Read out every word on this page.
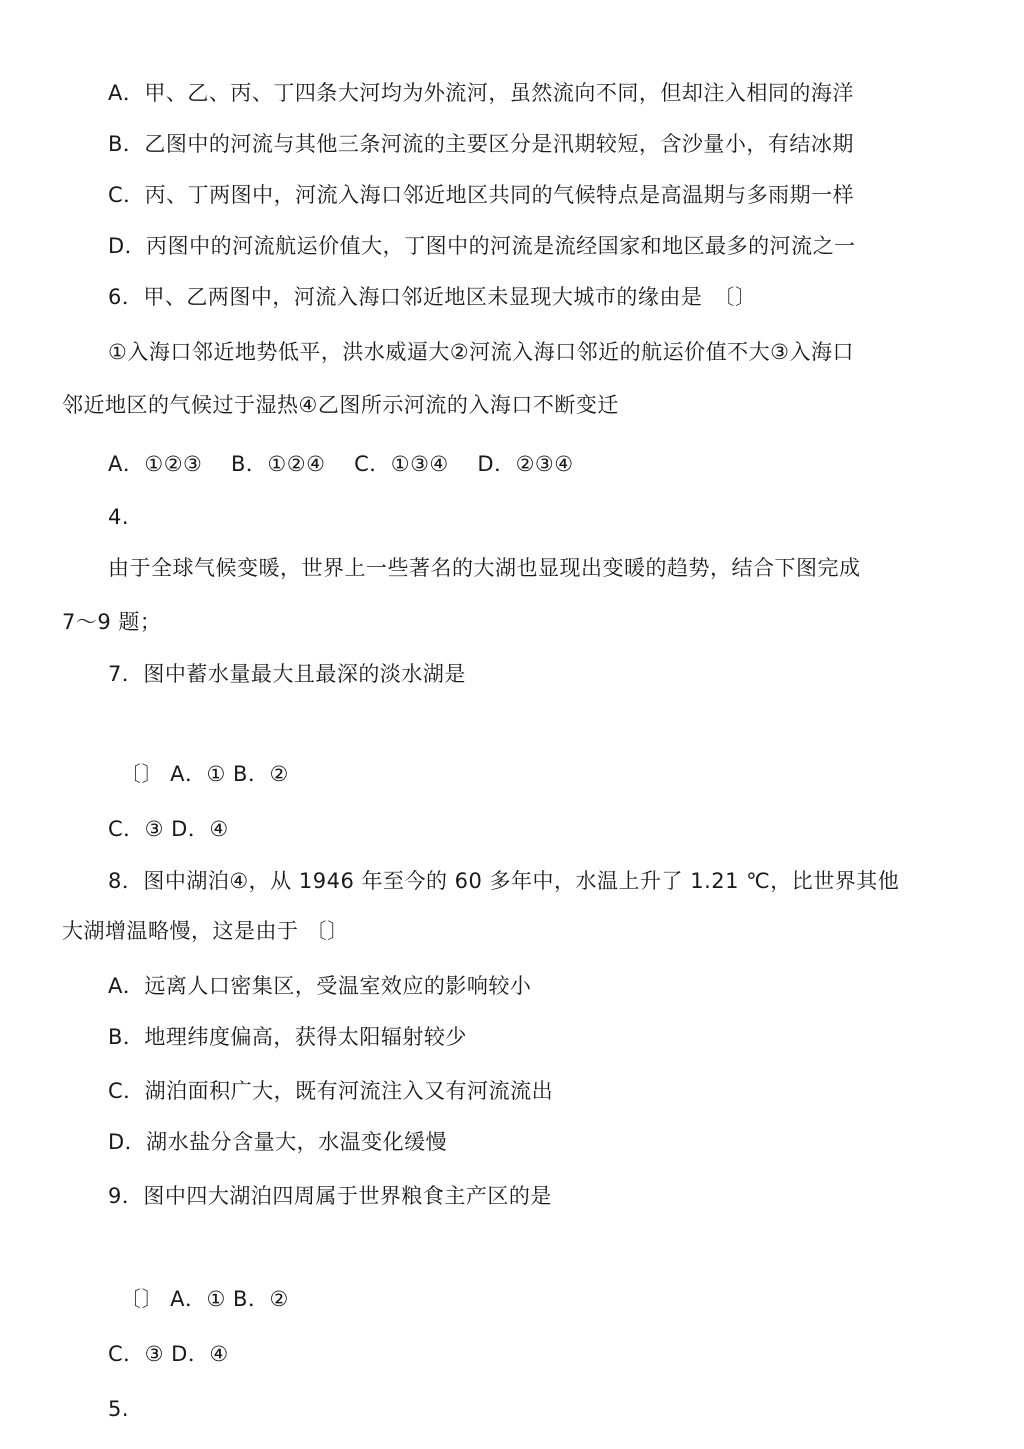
A．甲、乙、丙、丁四条大河均为外流河，虽然流向不同，但却注入相同的海洋
B．乙图中的河流与其他三条河流的主要区分是汛期较短，含沙量小，有结冰期
C．丙、丁两图中，河流入海口邻近地区共同的气候特点是高温期与多雨期一样
D．丙图中的河流航运价值大，丁图中的河流是流经国家和地区最多的河流之一
6．甲、乙两图中，河流入海口邻近地区未显现大城市的缘由是　〔〕
①入海口邻近地势低平，洪水威逼大②河流入海口邻近的航运价值不大③入海口
邻近地区的气候过于湿热④乙图所示河流的入海口不断变迁
A．①②③　 B．①②④　 C．①③④　 D．②③④
4.
由于全球气候变暖，世界上一些著名的大湖也显现出变暖的趋势，结合下图完成
7～9 题；
7．图中蓄水量最大且最深的淡水湖是
〔〕 A．① B．②
C．③ D．④
8．图中湖泊④，从 1946 年至今的 60 多年中，水温上升了 1.21 ℃，比世界其他
大湖增温略慢，这是由于 〔〕
A．远离人口密集区，受温室效应的影响较小
B．地理纬度偏高，获得太阳辐射较少
C．湖泊面积广大，既有河流注入又有河流流出
D．湖水盐分含量大，水温变化缓慢
9．图中四大湖泊四周属于世界粮食主产区的是
〔〕 A．① B．②
C．③ D．④
5.
